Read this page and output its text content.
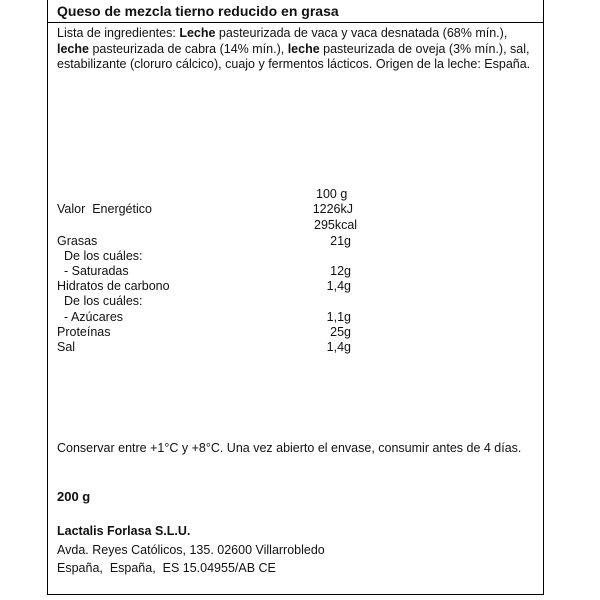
Queso de mezcla tierno reducido en grasa
Lista de ingredientes: Leche pasteurizada de vaca y vaca desnatada (68% mín.), leche pasteurizada de cabra (14% mín.), leche pasteurizada de oveja (3% mín.), sal, estabilizante (cloruro cálcico), cuajo y fermentos lácticos. Origen de la leche: España.
100 g
Valor  Energético	1226kJ
295kcal
Grasas	21g
De los cuáles:
- Saturadas	12g
Hidratos de carbono	1,4g
De los cuáles:
- Azúcares	1,1g
Proteínas	25g
Sal	1,4g
Conservar entre +1°C y +8°C. Una vez abierto el envase, consumir antes de 4 días.
200 g
Lactalis Forlasa S.L.U.
Avda. Reyes Católicos, 135. 02600 Villarrobledo
España,  España,  ES 15.04955/AB CE
